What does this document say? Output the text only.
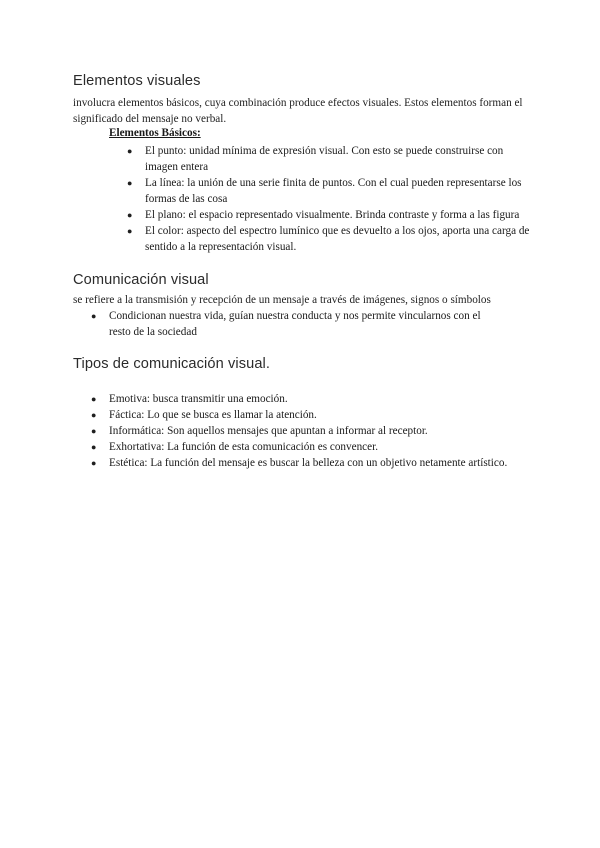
Elementos visuales
involucra elementos básicos, cuya combinación produce efectos visuales. Estos elementos forman el significado del mensaje no verbal.
Elementos Básicos:
● El punto: unidad mínima de expresión visual. Con esto se puede construirse con imagen entera
● La línea: la unión de una serie finita de puntos. Con el cual pueden representarse los formas de las cosa
● El plano: el espacio representado visualmente. Brinda contraste y forma a las figura
● El color: aspecto del espectro lumínico que es devuelto a los ojos, aporta una carga de sentido a la representación visual.
Comunicación visual
se refiere a la transmisión y recepción de un mensaje a través de imágenes, signos o símbolos
● Condicionan nuestra vida, guían nuestra conducta y nos permite vincularnos con el resto de la sociedad
Tipos de comunicación visual.
● Emotiva: busca transmitir una emoción.
● Fáctica: Lo que se busca es llamar la atención.
● Informática: Son aquellos mensajes que apuntan a informar al receptor.
● Exhortativa: La función de esta comunicación es convencer.
● Estética: La función del mensaje es buscar la belleza con un objetivo netamente artístico.
